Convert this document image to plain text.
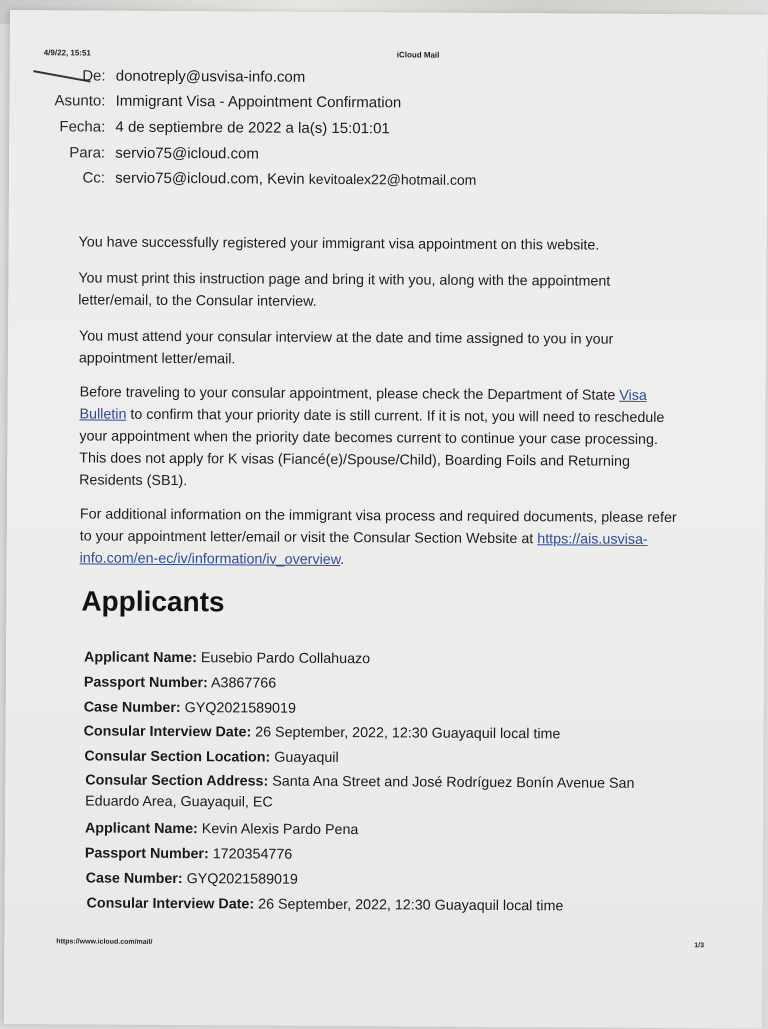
4/9/22, 15:51	iCloud Mail
De: donotreply@usvisa-info.com
Asunto: Immigrant Visa - Appointment Confirmation
Fecha: 4 de septiembre de 2022 a la(s) 15:01:01
Para: servio75@icloud.com
Cc: servio75@icloud.com, Kevin kevitoalex22@hotmail.com
You have successfully registered your immigrant visa appointment on this website.
You must print this instruction page and bring it with you, along with the appointment letter/email, to the Consular interview.
You must attend your consular interview at the date and time assigned to you in your appointment letter/email.
Before traveling to your consular appointment, please check the Department of State Visa Bulletin to confirm that your priority date is still current. If it is not, you will need to reschedule your appointment when the priority date becomes current to continue your case processing. This does not apply for K visas (Fiancé(e)/Spouse/Child), Boarding Foils and Returning Residents (SB1).
For additional information on the immigrant visa process and required documents, please refer to your appointment letter/email or visit the Consular Section Website at https://ais.usvisa-info.com/en-ec/iv/information/iv_overview.
Applicants
Applicant Name: Eusebio Pardo Collahuazo
Passport Number: A3867766
Case Number: GYQ2021589019
Consular Interview Date: 26 September, 2022, 12:30 Guayaquil local time
Consular Section Location: Guayaquil
Consular Section Address: Santa Ana Street and José Rodríguez Bonín Avenue San
Eduardo Area, Guayaquil, EC
Applicant Name: Kevin Alexis Pardo Pena
Passport Number: 1720354776
Case Number: GYQ2021589019
Consular Interview Date: 26 September, 2022, 12:30 Guayaquil local time
https://www.icloud.com/mail/	1/3
